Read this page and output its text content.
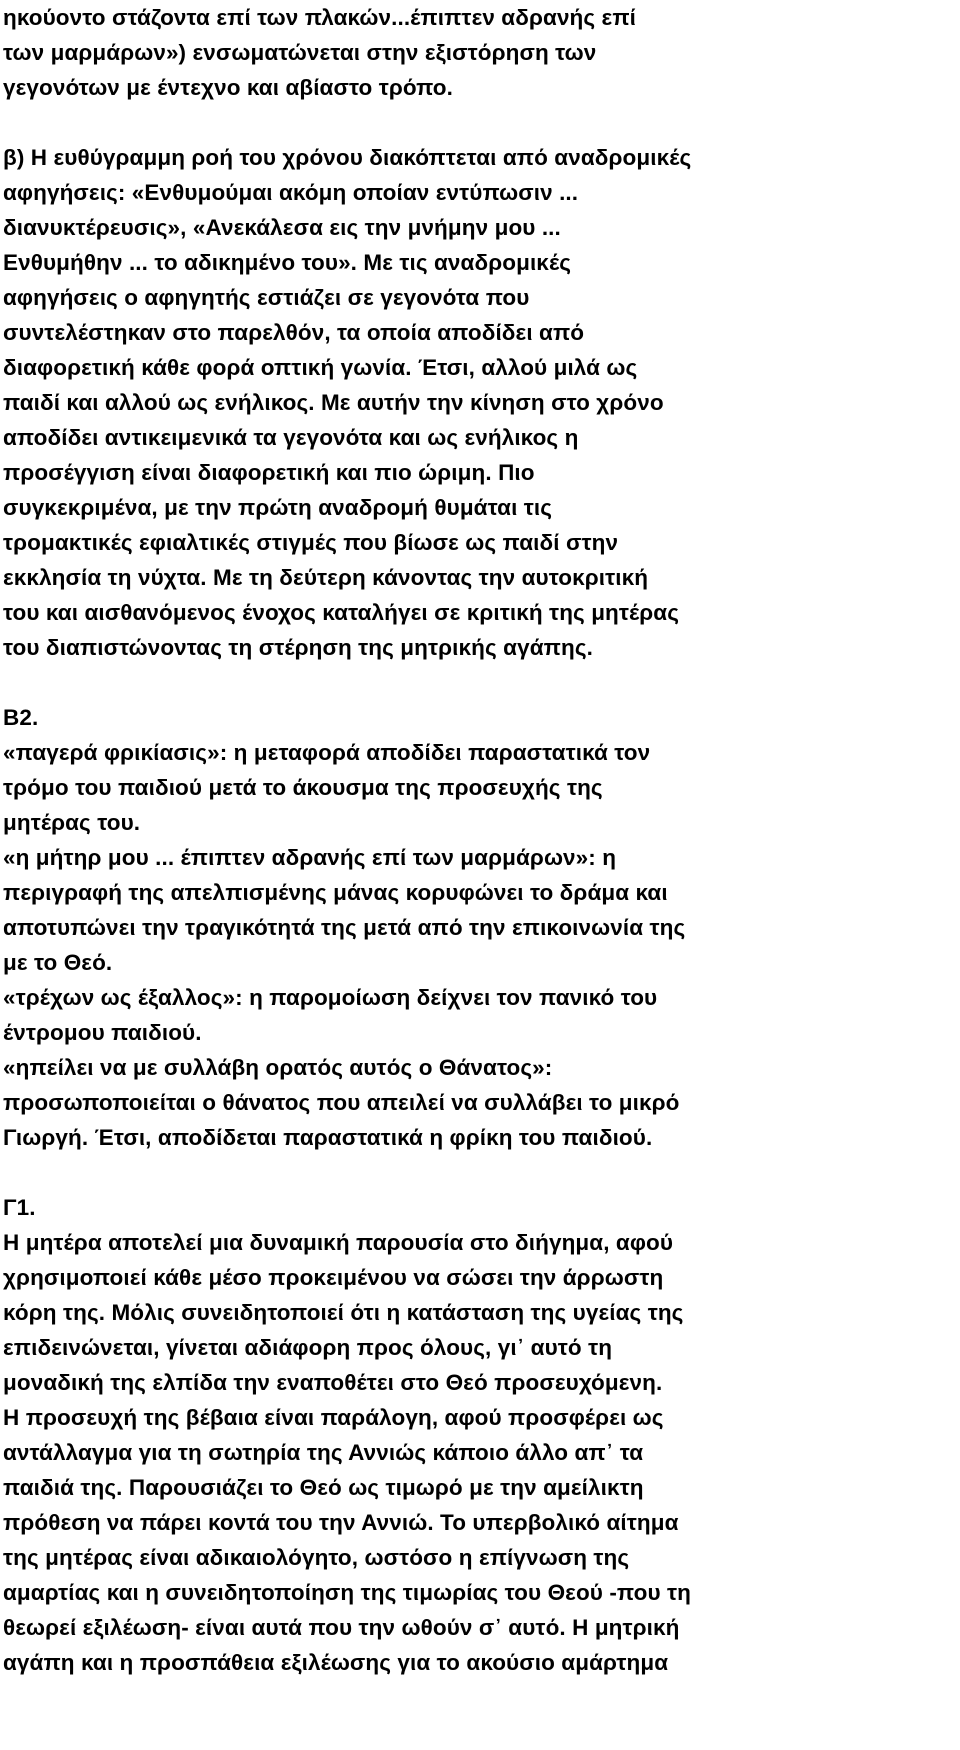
ηκούοντο στάζοντα επί των πλακών...έπιπτεν αδρανής επί
των μαρμάρων») ενσωματώνεται στην εξιστόρηση των
γεγονότων με έντεχνο και αβίαστο τρόπο.
β) Η ευθύγραμμη ροή του χρόνου διακόπτεται από αναδρομικές
αφηγήσεις: «Ενθυμούμαι ακόμη οποίαν εντύπωσιν ...
διανυκτέρευσις», «Ανεκάλεσα εις την μνήμην μου ...
Ενθυμήθην ... το αδικημένο του». Με τις αναδρομικές
αφηγήσεις ο αφηγητής εστιάζει σε γεγονότα που
συντελέστηκαν στο παρελθόν, τα οποία αποδίδει από
διαφορετική κάθε φορά οπτική γωνία. Έτσι, αλλού μιλά ως
παιδί και αλλού ως ενήλικος. Με αυτήν την κίνηση στο χρόνο
αποδίδει αντικειμενικά τα γεγονότα και ως ενήλικος η
προσέγγιση είναι διαφορετική και πιο ώριμη. Πιο
συγκεκριμένα, με την πρώτη αναδρομή θυμάται τις
τρομακτικές εφιαλτικές στιγμές που βίωσε ως παιδί στην
εκκλησία τη νύχτα. Με τη δεύτερη κάνοντας την αυτοκριτική
του και αισθανόμενος ένοχος καταλήγει σε κριτική της μητέρας
του διαπιστώνοντας τη στέρηση της μητρικής αγάπης.
Β2.
«παγερά φρικίασις»: η μεταφορά αποδίδει παραστατικά τον
τρόμο του παιδιού μετά το άκουσμα της προσευχής της
μητέρας του.
«η μήτηρ μου ... έπιπτεν αδρανής επί των μαρμάρων»: η
περιγραφή της απελπισμένης μάνας κορυφώνει το δράμα και
αποτυπώνει την τραγικότητά της μετά από την επικοινωνία της
με το Θεό.
«τρέχων ως έξαλλος»: η παρομοίωση δείχνει τον πανικό του
έντρομου παιδιού.
«ηπείλει να με συλλάβη ορατός αυτός ο Θάνατος»:
προσωποποιείται ο θάνατος που απειλεί να συλλάβει το μικρό
Γιωργή. Έτσι, αποδίδεται παραστατικά η φρίκη του παιδιού.
Γ1.
Η μητέρα αποτελεί μια δυναμική παρουσία στο διήγημα, αφού
χρησιμοποιεί κάθε μέσο προκειμένου να σώσει την άρρωστη
κόρη της. Μόλις συνειδητοποιεί ότι η κατάσταση της υγείας της
επιδεινώνεται, γίνεται αδιάφορη προς όλους, γι᾽ αυτό τη
μοναδική της ελπίδα την εναποθέτει στο Θεό προσευχόμενη.
Η προσευχή της βέβαια είναι παράλογη, αφού προσφέρει ως
αντάλλαγμα για τη σωτηρία της Αννιώς κάποιο άλλο απ᾽ τα
παιδιά της. Παρουσιάζει το Θεό ως τιμωρό με την αμείλικτη
πρόθεση να πάρει κοντά του την Αννιώ. Το υπερβολικό αίτημα
της μητέρας είναι αδικαιολόγητο, ωστόσο η επίγνωση της
αμαρτίας και η συνειδητοποίηση της τιμωρίας του Θεού -που τη
θεωρεί εξιλέωση- είναι αυτά που την ωθούν σ᾽ αυτό. Η μητρική
αγάπη και η προσπάθεια εξιλέωσης για το ακούσιο αμάρτημα
